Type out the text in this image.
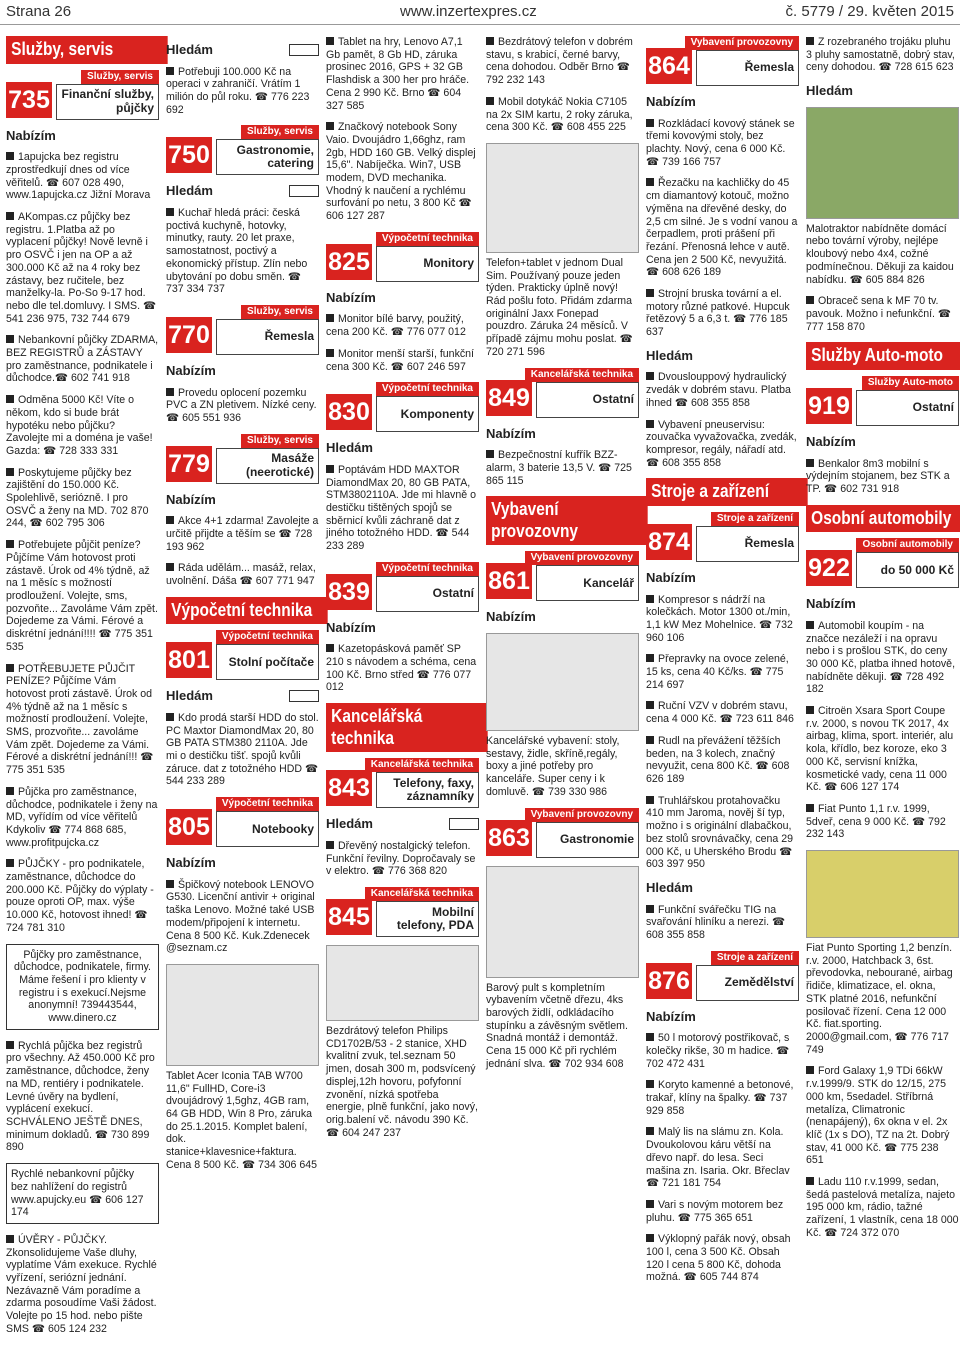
Strana 26	www.inzertexpres.cz	č. 5779 / 29. květen 2015
Služby, servis
Služby, servis
735 Finanční služby, půjčky
Nabízím
1apujcka bez registru zprostředkují dnes od více věřitelů. ☎ 607 028 490, www.1apujcka.cz Jižní Morava
AKompas.cz půjčky bez registru. 1.Platba až po vyplacení půjčky! Nově levně i pro OSVČ i jen na OP a až 300.000 Kč až na 4 roky bez zástavy, bez ručitele, bez manželky-la. Po-So 9-17 hod. nebo dle tel.domluvy. I SMS. ☎ 541 236 975, 732 744 679
Nebankovní půjčky ZDARMA, BEZ REGISTRŮ a ZÁSTAVY pro zaměstnance, podnikatele i důchodce.☎ 602 741 918
Odměna 5000 Kč! Víte o někom, kdo si bude brát hypotéku nebo půjčku? Zavolejte mi a doména je vaše! Gazda: ☎ 728 333 331
Poskytujeme půjčky bez zajištění do 150.000 Kč. Spolehlivě, seriózně. I pro OSVČ a ženy na MD. 702 870 244, ☎ 602 795 306
Potřebujete půjčit peníze? Půjčíme Vám hotovost proti zástavě. Úrok od 4% týdně, až na 1 měsíc s možností prodloužení. Volejte, sms, pozvoňte... Zavoláme Vám zpět. Dojedeme za Vámi. Férové a diskrétní jednání!!!! ☎ 775 351 535
POTŘEBUJETE PŮJČIT PENÍZE? Půjčíme Vám hotovost proti zástavě. Úrok od 4% týdně až na 1 měsíc s možností prodloužení. Volejte, SMS, prozvoňte... zavoláme Vám zpět. Dojedeme za Vámi. Férové a diskrétní jednání!!! ☎ 775 351 535
Půjčka pro zaměstnance, důchodce, podnikatele i ženy na MD, vyřídím od více věřitelů Kdykoliv ☎ 774 868 685, www.profitpujcka.cz
PŮJČKY - pro podnikatele, zaměstnance, důchodce do 200.000 Kč. Půjčky do výplaty - pouze oproti OP, max. výše 10.000 Kč, hotovost ihned! ☎ 724 781 310
Půjčky pro zaměstnance, důchodce, podnikatele, firmy. Máme řešení i pro klienty v registru i s exekucí.Nejsme anonymní! 739443544, www.dinero.cz
Rychlá půjčka bez registrů pro všechny. Až 450.000 Kč pro zaměstnance, důchodce, ženy na MD, rentiéry i podnikatele. Levné úvěry na bydlení, vyplácení exekucí. SCHVÁLENO JEŠTĚ DNES, minimum dokladů. ☎ 730 899 890
Rychlé nebankovní půjčky bez nahlížení do registrů www.apujcky.eu ☎ 606 127 174
ÚVĚRY - PŮJČKY. Zkonsolidujeme Vaše dluhy, vyplatíme Vám exekuce. Rychlé vyřízení, seriózní jednání. Nezávazně Vám poradíme a zdarma posoudíme Vaši žádost. Volejte po 15 hod. nebo pište SMS ☎ 605 124 232
Hledám
Potřebuji 100.000 Kč na operaci v zahraničí. Vrátím 1 milión do půl roku. ☎ 776 223 692
Služby, servis
750	Gastronomie, catering
Hledám
Kuchař hledá práci: česká poctivá kuchyně, hotovky, minutky, rauty. 20 let praxe, samostatnost, poctivý a ekonomický přístup. Zlín nebo ubytování po dobu směn. ☎ 737 334 737
Služby, servis
770	Řemesla
Nabízím
Provedu oplocení pozemku PVC a ZN pletivem. Nízké ceny. ☎ 605 551 936
Služby, servis
779	Masáže (neerotické)
Nabízím
Akce 4+1 zdarma! Zavolejte a určitě přijdte a těším se ☎ 728 193 962
Ráda udělám... masáž, relax, uvolnění. Dáša ☎ 607 771 947
Výpočetní technika
Výpočetní technika
801	Stolní počítače
Hledám
Kdo prodá starší HDD do stol. PC Maxtor DiamondMax 20, 80 GB PATA STM380 2110A. Jde mi o destičku tišť. spojů kvůli záruce. dat z totožného HDD ☎ 544 233 289
Výpočetní technika
805	Notebooky
Nabízím
Špičkový notebook LENOVO G530. Licenční antivir + original taška Lenovo. Možné také USB modem/připojení k internetu. Cena 8 500 Kč. Kuk.Zdenecek @seznam.cz
Tablet Acer Iconia TAB W700 11,6" FullHD, Core-i3 dvoujádrový 1,5ghz, 4GB ram, 64 GB HDD, Win 8 Pro, záruka do 25.1.2015. Komplet balení, dok. stanice+klavesnice+faktura. Cena 8 500 Kč. ☎ 734 306 645
Tablet na hry, Lenovo A7,1 Gb pamět, 8 Gb HD, záruka prosinec 2016, GPS + 32 GB Flashdisk a 300 her pro hráče. Cena 2 990 Kč. Brno ☎ 604 327 585
Značkový notebook Sony Vaio. Dvoujádro 1,66ghz, ram 2gb, HDD 160 GB. Velký displej 15,6". Nabíječka. Win7, USB modem, DVD mechanika. Vhodný k naučení a rychlému surfování po netu, 3 800 Kč ☎ 606 127 287
Výpočetní technika
825	Monitory
Nabízím
Monitor bílé barvy, použitý, cena 200 Kč. ☎ 776 077 012
Monitor menší starší, funkční cena 300 Kč. ☎ 607 246 597
Výpočetní technika
830	Komponenty
Hledám
Poptávám HDD MAXTOR DiamondMax 20, 80 GB PATA, STM3802110A. Jde mi hlavně o destičku tištěných spojů se sběrnicí kvůli záchraně dat z jiného totožného HDD. ☎ 544 233 289
Výpočetní technika
839	Ostatní
Nabízím
Kazetopásková paměť SP 210 s návodem a schéma, cena 100 Kč. Brno střed ☎ 776 077 012
Kancelářská technika
Kancelářská technika
843	Telefony, faxy, záznamníky
Hledám
Dřevěný nostalgický telefon. Funkční řevilny. Dopročavaly se v elektro. ☎ 776 368 820
Kancelářská technika
845	Mobilní telefony, PDA
Bezdrátový telefon Philips CD1702B/53 - 2 stanice, XHD kvalitní zvuk, tel.seznam 50 jmen, dosah 300 m, podsvícený displej,12h hovoru, pofyfonní zvonění, nízká spotřeba energie, plně funkční, jako nový, orig.balení vč. návodu 390 Kč. ☎ 604 247 237
Bezdrátový telefon v dobrém stavu, s krabicí, černé barvy, cena dohodou. Odběr Brno ☎ 792 232 143
Mobil dotykáč Nokia C7105 na 2x SIM kartu, 2 roky záruka, cena 300 Kč. ☎ 608 455 225
Telefon+tablet v jednom Dual Sim. Používaný pouze jeden týden. Prakticky úplně nový! Rád pošlu foto. Přidám zdarma originální Jaxx Fonepad pouzdro. Záruka 24 měsíců. V případě zájmu mohu poslat. ☎ 720 271 596
Kancelářská technika
849	Ostatní
Nabízím
Bezpečnostní kufřík BZZ-alarm, 3 baterie 13,5 V. ☎ 725 865 115
Vybavení provozovny
Vybavení provozovny
861	Kancelář
Nabízím
Kancelářské vybavení: stoly, sestavy, židle, skříně,regály, boxy a jiné potřeby pro kanceláře. Super ceny i k domluvě. ☎ 739 330 986
Vybavení provozovny
863	Gastronomie
Barový pult s kompletním vybavením včetně dřezu, 4ks barových židlí, odkládacího stupínku a závěsným světlem. Snadná montáž i demontáž. Cena 15 000 Kč při rychlém jednání slva. ☎ 702 934 608
Vybavení provozovny
864	Řemesla
Nabízím
Rozkládací kovový stánek se třemi kovovými stoly, bez plachty. Nový, cena 6 000 Kč. ☎ 739 166 757
Řezačku na kachličky do 45 cm diamantový kotouč, možno výměna na dřevěné desky, do 2,5 cm silné. Je s vodní vanou a čerpadlem, proti prášení při řezání. Přenosná lehce v autě. Cena jen 2 500 Kč, nevyužitá. ☎ 608 626 189
Strojní bruska tovární a el. motory různé patkové. Hupcuk řetězový 5 a 6,3 t. ☎ 776 185 637
Hledám
Dvouslouppový hydraulický zvedák v dobrém stavu. Platba ihned ☎ 608 355 858
Vybavení pneuservisu: zouvačka vyvažovačka, zvedák, kompresor, regály, nářadí atd. ☎ 608 355 858
Stroje a zařízení
Stroje a zařízení
874	Řemesla
Nabízím
Kompresor s nádrží na kolečkách. Motor 1300 ot./min, 1,1 kW Mez Mohelnice. ☎ 732 960 106
Přepravky na ovoce zelené, 15 ks, cena 40 Kč/ks. ☎ 775 214 697
Ruční VZV v dobrém stavu, cena 4 000 Kč. ☎ 723 611 846
Rudl na převážení těžších beden, na 3 kolech, značný nevyužit, cena 800 Kč. ☎ 608 626 189
Truhlářskou protahovačku 410 mm Jaroma, nověj ší typ, možno i s originální dlabačkou, bez stolů srovnávačky, cena 29 000 Kč, u Uherského Brodu ☎ 603 397 950
Hledám
Funkční svářečku TIG na svařování hliníku a nerezi. ☎ 608 355 858
Stroje a zařízení
876	Zemědělství
Nabízím
50 l motorový postřikovač, s kolečky rikše, 30 m hadice. ☎ 702 472 431
Koryto kamenné a betonové, trakař, klíny na špalky. ☎ 737 929 858
Malý lis na slámu zn. Kola. Dvoukolovou káru větší na dřevo např. do lesa. Seci mašina zn. Isaria. Okr. Břeclav ☎ 721 181 754
Vari s novým motorem bez pluhu. ☎ 775 365 651
Výklopný pařák nový, obsah 100 l, cena 3 500 Kč. Obsah 120 l cena 5 800 Kč, dohoda možná. ☎ 605 744 874
Z rozebraného trojáku pluhu 3 pluhy samostatně, dobrý stav, ceny dohodou. ☎ 728 615 623
Hledám
Malotraktor nabídněte domácí nebo tovární výroby, nejlépe kloubový nebo 4x4, cožné podmínečnou. Děkuji za kaidou nabídku. ☎ 605 884 826
Obraceč sena k MF 70 tv. pavouk. Možno i nefunkční. ☎ 777 158 870
Služby Auto-moto
Služby Auto-moto
919	Ostatní
Nabízím
Benkalor 8m3 mobilní s výdejním stojanem, bez STK a TP. ☎ 602 731 918
Osobní automobily
Osobní automobily
922	do 50 000 Kč
Nabízím
Automobil koupím - na značce nezáleží i na opravu nebo i s prošlou STK, do ceny 30 000 Kč, platba ihned hotově, nabídněte děkuji. ☎ 728 492 182
Citroën Xsara Sport Coupe r.v. 2000, s novou TK 2017, 4x airbag, klima, sport. interiér, alu kola, křídlo, bez koroze, eko 3 000 Kč, servisní knížka, kosmetické vady, cena 11 000 Kč. ☎ 606 127 174
Fiat Punto 1,1 r.v. 1999, 5dveř, cena 9 000 Kč. ☎ 792 232 143
Fiat Punto Sporting 1,2 benzín. r.v. 2000, Hatchback 3, 6st. převodovka, nebourané, airbag řidiče, klimatizace, el. okna, STK platné 2016, nefunkční posilovač řízení. Cena 12 000 Kč. fiat.sporting. 2000@gmail.com, ☎ 776 717 749
Ford Galaxy 1,9 TDi 66kW r.v.1999/9. STK do 12/15, 275 000 km, 5sedadel. Stříbrná metalíza, Climatronic (nenapájený), 6x okna v el. 2x klíč (1x s DO), TZ na 2t. Dobrý stav, 41 000 Kč. ☎ 775 238 651
Ladu 110 r.v.1999, sedan, šedá pastelová metalíza, najeto 195 000 km, rádio, tažné zařízení, 1 vlastník, cena 18 000 Kč. ☎ 724 372 070
